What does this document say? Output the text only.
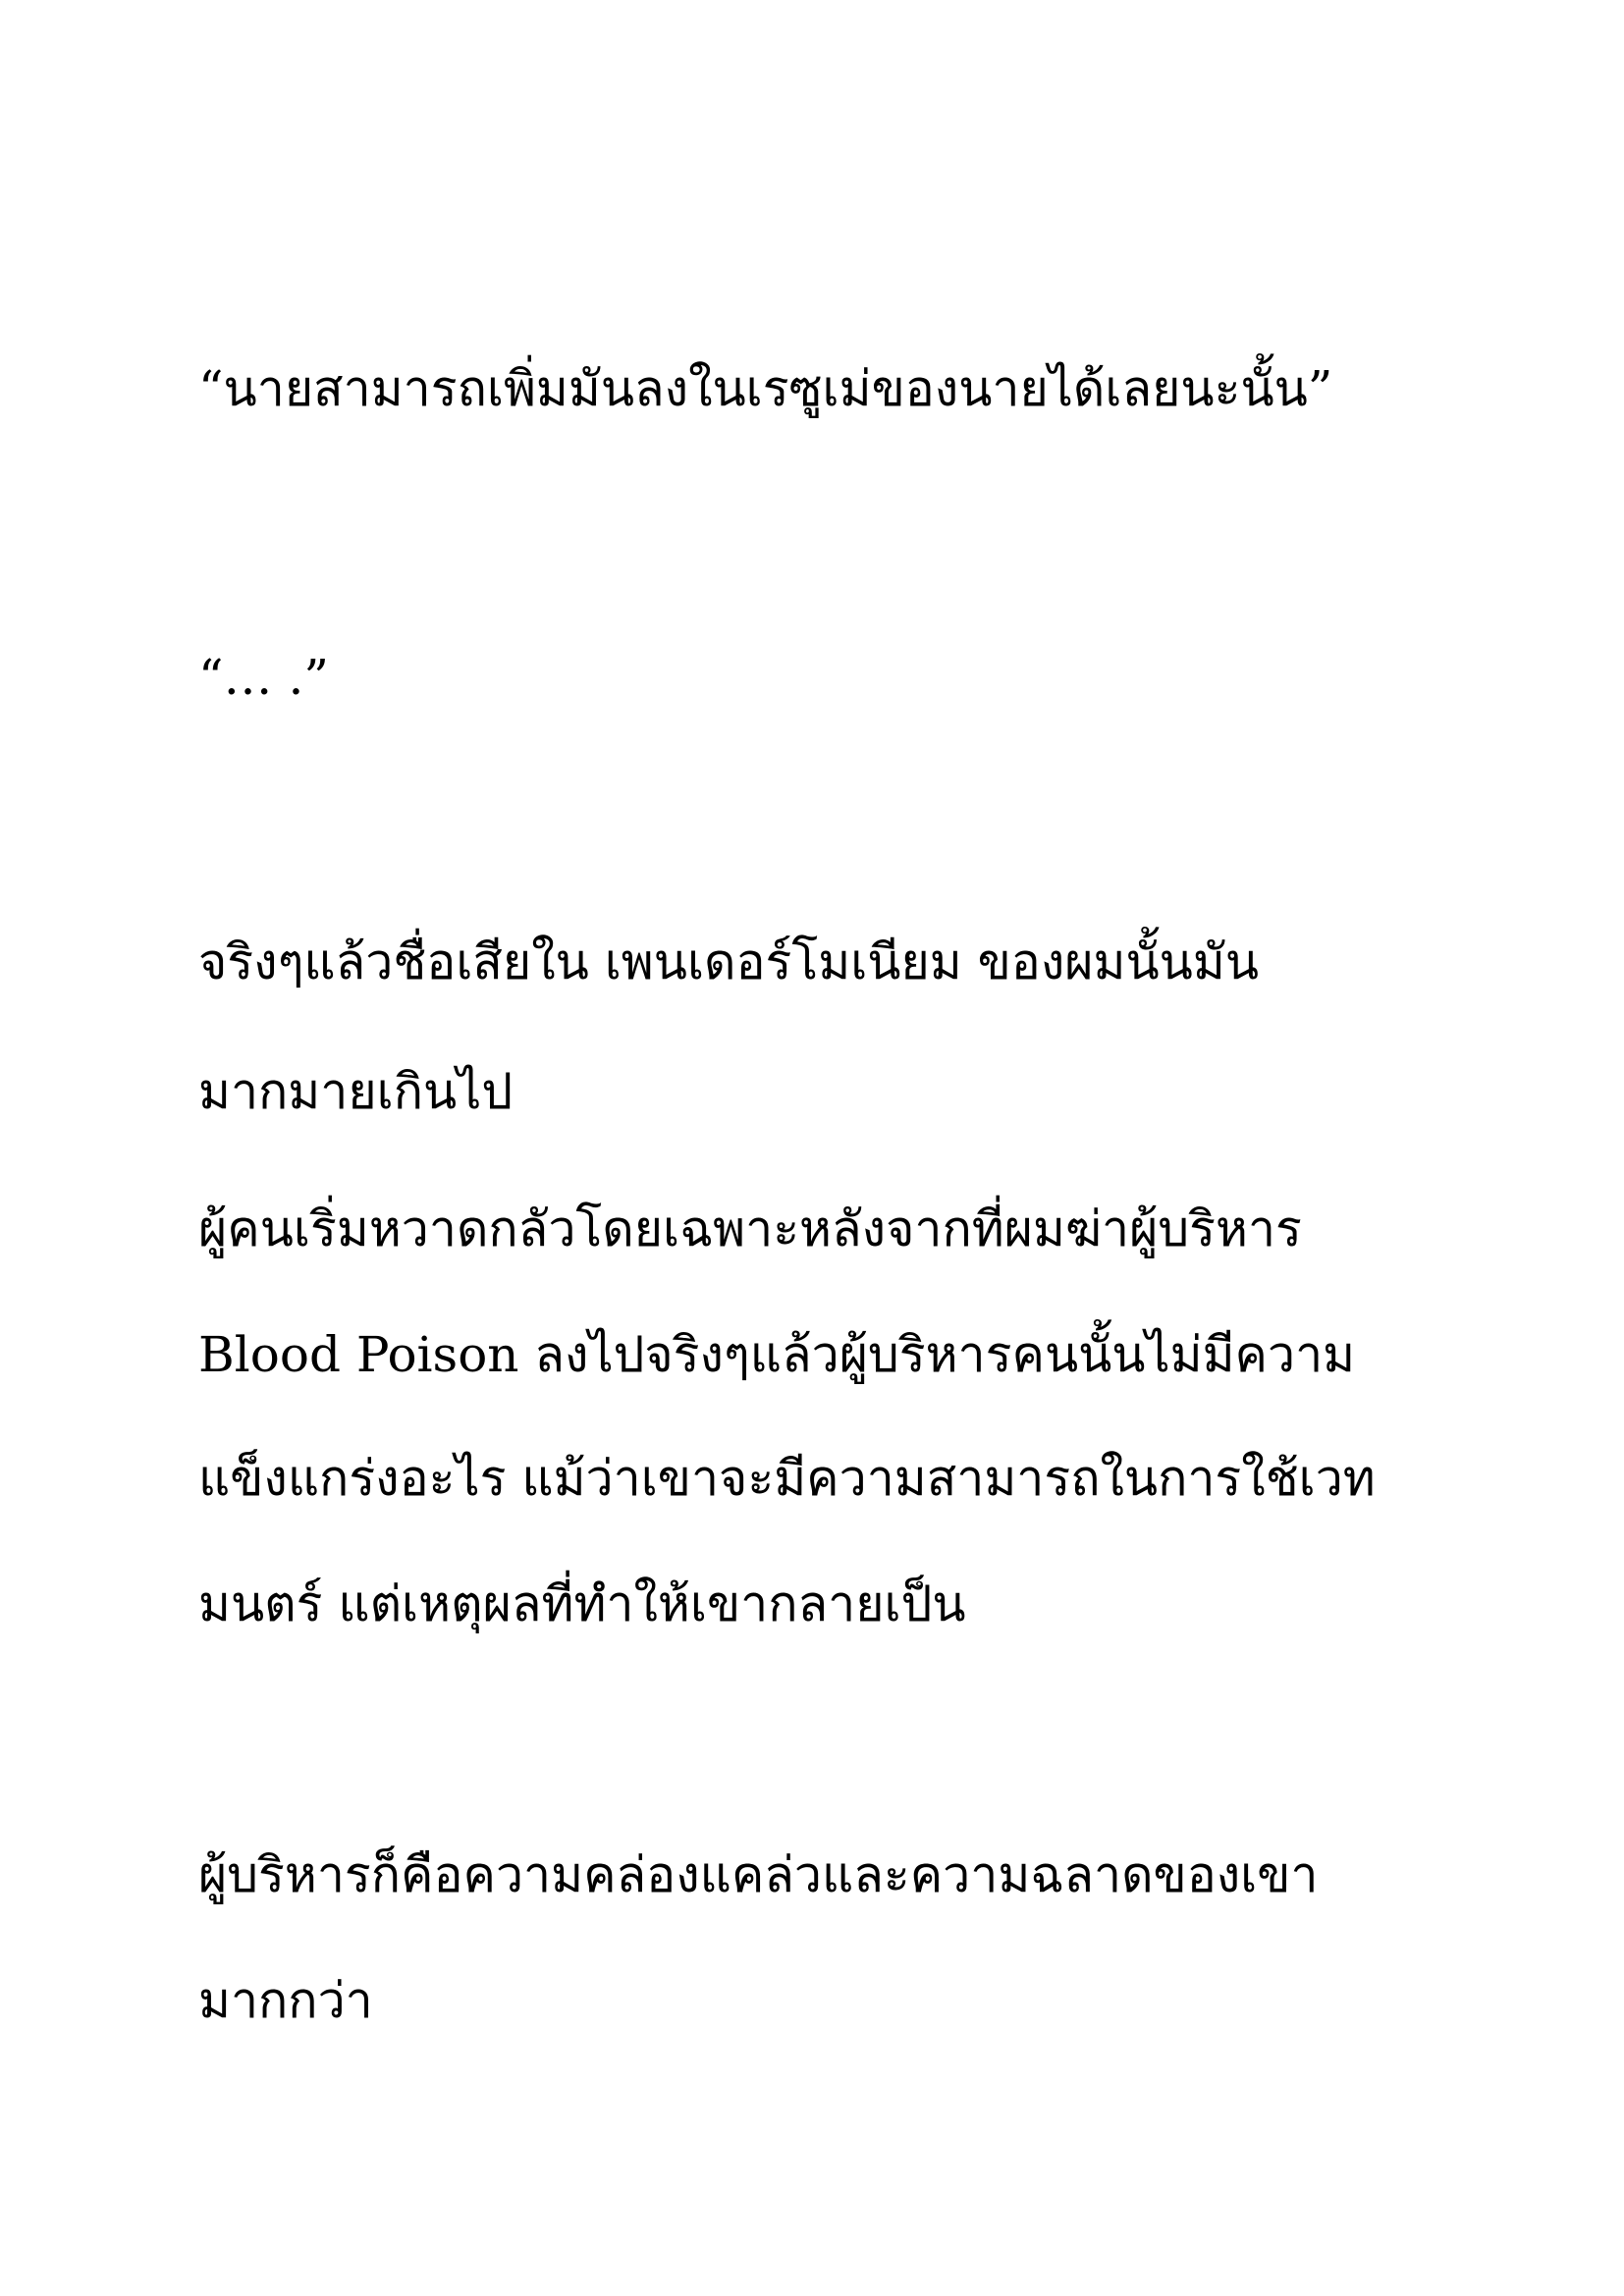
“นายสามารถเพิ่มมันลงในเรซูเม่ของนายได้เลยนะนั้น”

“… .”

จริงๆแล้วชื่อเสียใน เพนเดอร์โมเนียม ของผมนั้นมัน

มากมายเกินไป

ผู้คนเริ่มหวาดกลัวโดยเฉพาะหลังจากที่ผมฆ่าผู้บริหาร

Blood Poison ลงไปจริงๆแล้วผู้บริหารคนนั้นไม่มีความ

แข็งแกร่งอะไร แม้ว่าเขาจะมีความสามารถในการใช้เวท

มนตร์ แต่เหตุผลที่ทำให้เขากลายเป็น

ผู้บริหารก็คือความคล่องแคล่วและความฉลาดของเขา

มากกว่า
